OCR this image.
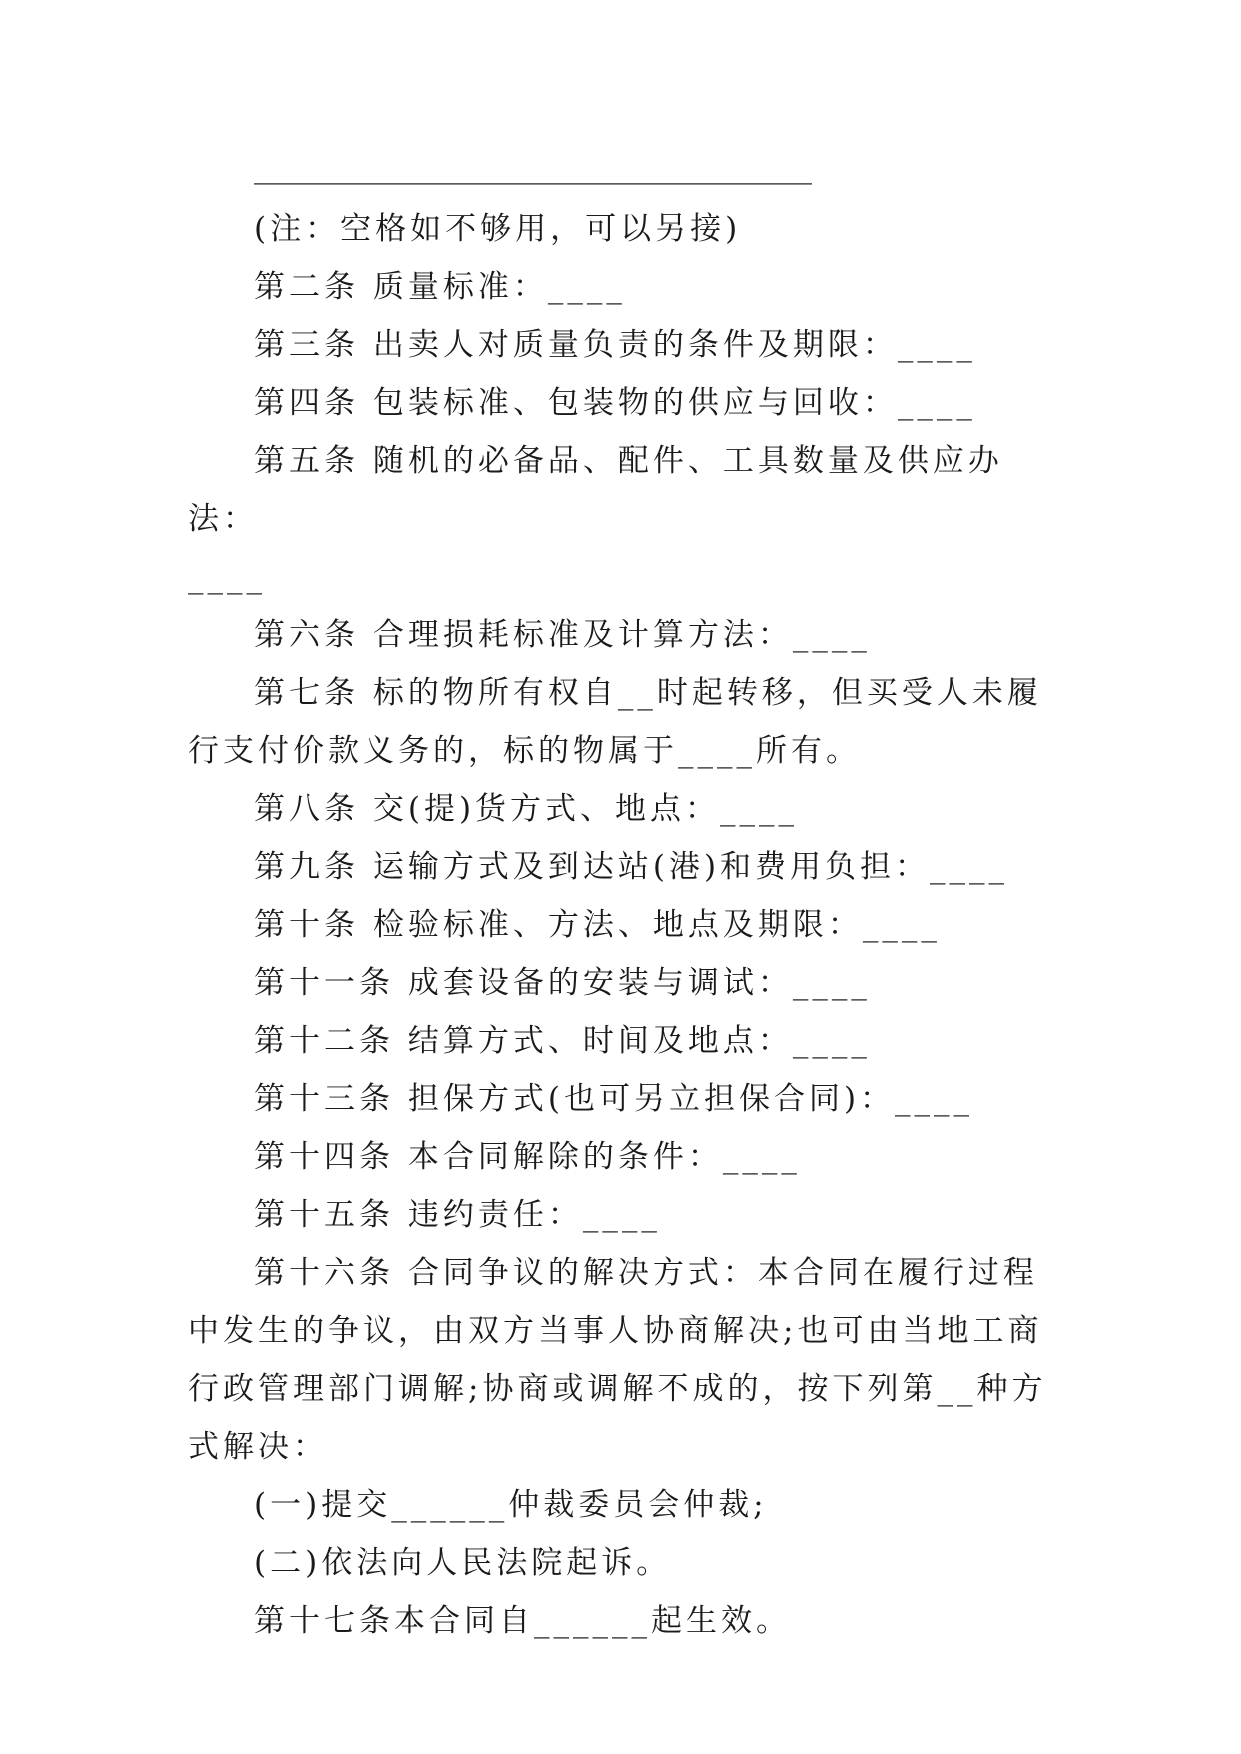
____________________________________

(注：空格如不够用，可以另接)

第二条 质量标准：____

第三条 出卖人对质量负责的条件及期限：____

第四条 包装标准、包装物的供应与回收：____

第五条 随机的必备品、配件、工具数量及供应办法：

____

第六条 合理损耗标准及计算方法：____

第七条 标的物所有权自__时起转移，但买受人未履行支付价款义务的，标的物属于____所有。

第八条 交(提)货方式、地点：____

第九条 运输方式及到达站(港)和费用负担：____

第十条 检验标准、方法、地点及期限：____

第十一条 成套设备的安装与调试：____

第十二条 结算方式、时间及地点：____

第十三条 担保方式(也可另立担保合同)：____

第十四条 本合同解除的条件：____

第十五条 违约责任：____

第十六条 合同争议的解决方式：本合同在履行过程中发生的争议，由双方当事人协商解决;也可由当地工商行政管理部门调解;协商或调解不成的，按下列第__种方式解决：

(一)提交______仲裁委员会仲裁;

(二)依法向人民法院起诉。

第十七条本合同自______起生效。
